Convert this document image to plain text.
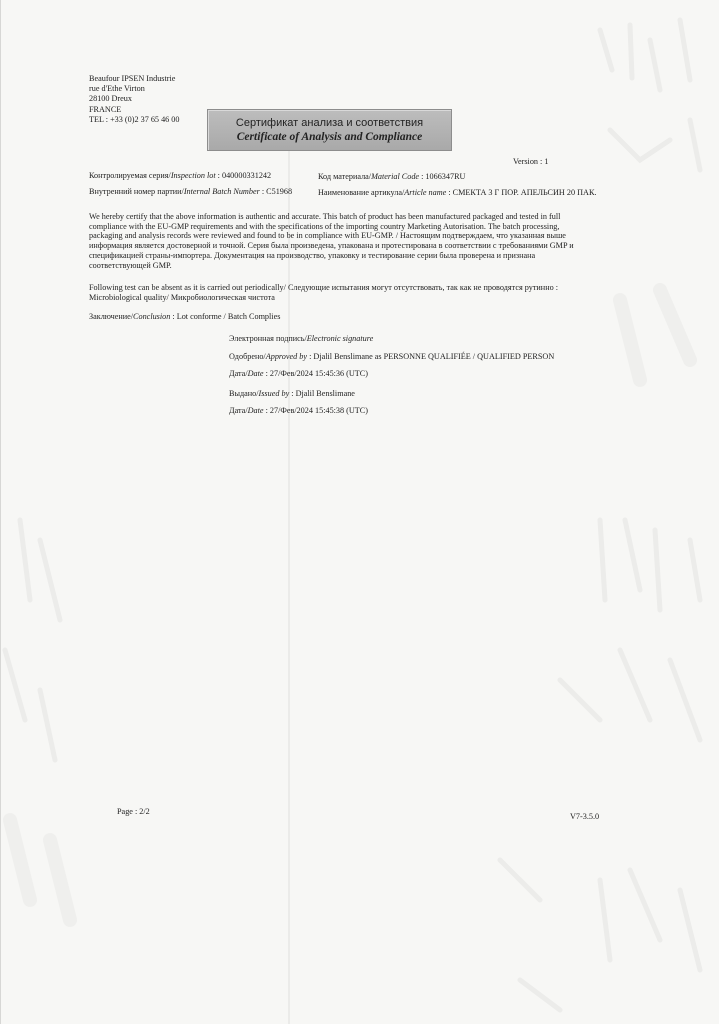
Beaufour IPSEN Industrie
rue d'Ethe Virton
28100 Dreux
FRANCE
TEL : +33 (0)2 37 65 46 00	Сертификат анализа и соответствия
Certificate of Analysis and Compliance
Version : 1
Контролируемая серия/Inspection lot : 040000331242	Код материала/Material Code : 1066347RU
Внутренний номер партии/Internal Batch Number : C51968	Наименование артикула/Article name : СМЕКТА 3 Г ПОР. АПЕЛЬСИН 20 ПАК.
We hereby certify that the above information is authentic and accurate. This batch of product has been manufactured packaged and tested in full
compliance with the EU-GMP requirements and with the specifications of the importing country Marketing Autorisation. The batch processing,
packaging and analysis records were reviewed and found to be in compliance with EU-GMP. / Настоящим подтверждаем, что указанная выше
информация является достоверной и точной. Серия была произведена, упакована и протестирована в соответствии с требованиями GMP и
спецификацией страны-импортера. Документация на производство, упаковку и тестирование серии была проверена и признана
соответствующей GMP.
Following test can be absent as it is carried out periodically/ Следующие испытания могут отсутствовать, так как не проводятся рутинно :
Microbiological quality/ Микробиологическая чистота
Заключение/Conclusion : Lot conforme / Batch Complies
Электронная подпись/Electronic signature
Одобрено/Approved by : Djalil Benslimane as PERSONNE QUALIFIÉE / QUALIFIED PERSON
Дата/Date : 27/Фев/2024 15:45:36 (UTC)
Выдано/Issued by : Djalil Benslimane
Дата/Date : 27/Фев/2024 15:45:38 (UTC)
Page : 2/2
V7-3.5.0
